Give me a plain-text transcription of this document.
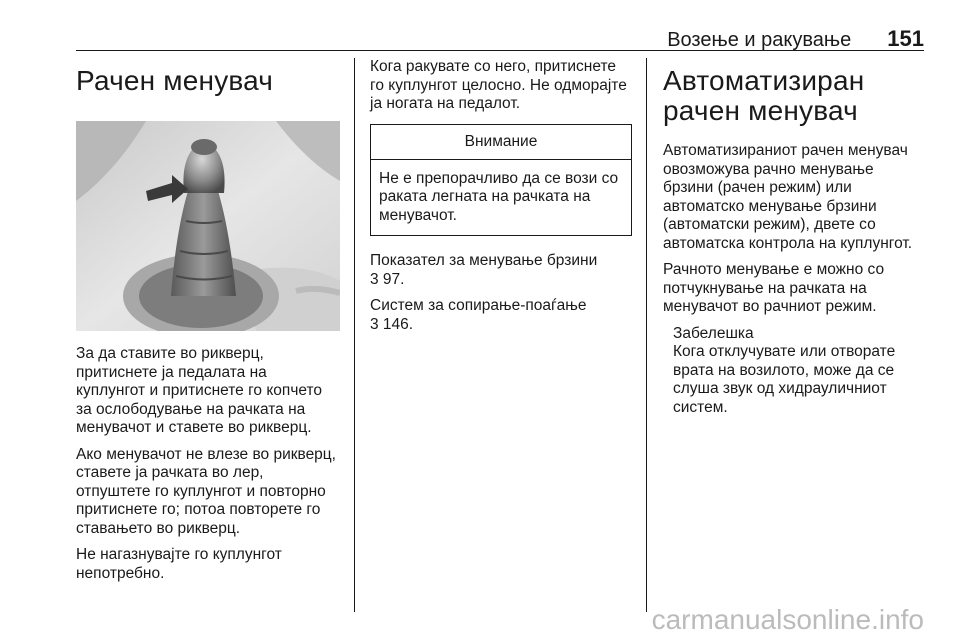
Возење и ракување 151
Рачен менувач

За да ставите во рикверц, притиснете ја педалата на куплунгот и притиснете го копчето за ослободување на рачката на менувачот и ставете во рикверц.

Ако менувачот не влезе во рикверц, ставете ја рачката во лер, отпуштете го куплунгот и повторно притиснете го; потоа повторете го ставањето во рикверц.

Не нагазнувајте го куплунгот непотребно.

Кога ракувате со него, притиснете го куплунгот целосно. Не одморајте ја ногата на педалот.

Внимание
Не е препорачливо да се вози со раката легната на рачката на менувачот.

Показател за менување брзини
3 97.

Систем за сопирање-поаѓање
3 146.

Автоматизиран рачен менувач

Автоматизираниот рачен менувач овозможува рачно менување брзини (рачен режим) или автоматско менување брзини (автоматски режим), двете со автоматска контрола на куплунгот.

Рачното менување е можно со потчукнување на рачката на менувачот во рачниот режим.

Забелешка

Кога отклучувате или отворате врата на возилото, може да се слуша звук од хидрауличниот систем.

carmanualsonline.info
